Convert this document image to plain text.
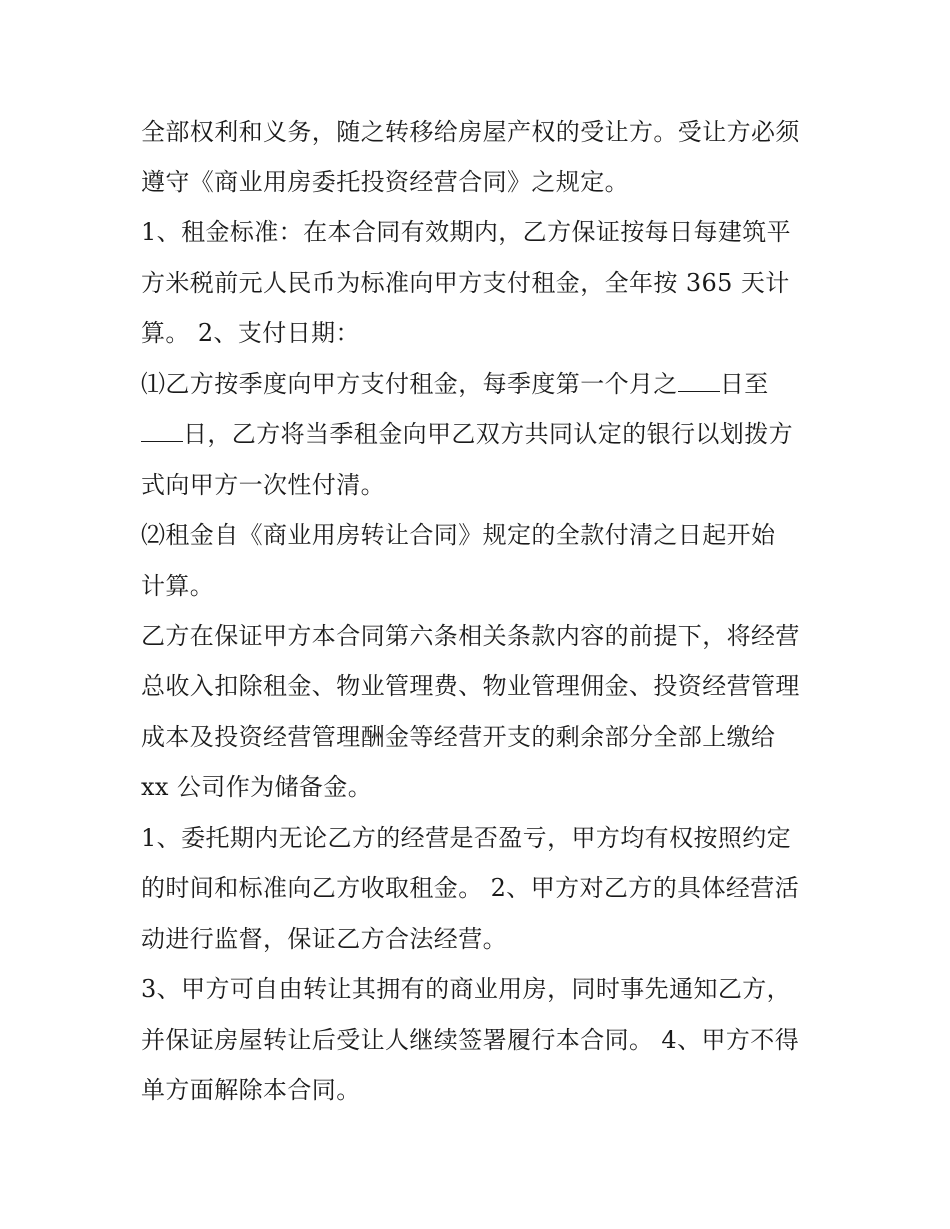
全部权利和义务，随之转移给房屋产权的受让方。受让方必须
遵守《商业用房委托投资经营合同》之规定。
1、租金标准：在本合同有效期内，乙方保证按每日每建筑平
方米税前元人民币为标准向甲方支付租金，全年按 365 天计
算。 2、支付日期：
⑴乙方按季度向甲方支付租金，每季度第一个月之 日至
日，乙方将当季租金向甲乙双方共同认定的银行以划拨方
式向甲方一次性付清。
⑵租金自《商业用房转让合同》规定的全款付清之日起开始
计算。
乙方在保证甲方本合同第六条相关条款内容的前提下，将经营
总收入扣除租金、物业管理费、物业管理佣金、投资经营管理
成本及投资经营管理酬金等经营开支的剩余部分全部上缴给
xx 公司作为储备金。
1、委托期内无论乙方的经营是否盈亏，甲方均有权按照约定
的时间和标准向乙方收取租金。 2、甲方对乙方的具体经营活
动进行监督，保证乙方合法经营。
3、甲方可自由转让其拥有的商业用房，同时事先通知乙方，
并保证房屋转让后受让人继续签署履行本合同。 4、甲方不得
单方面解除本合同。
